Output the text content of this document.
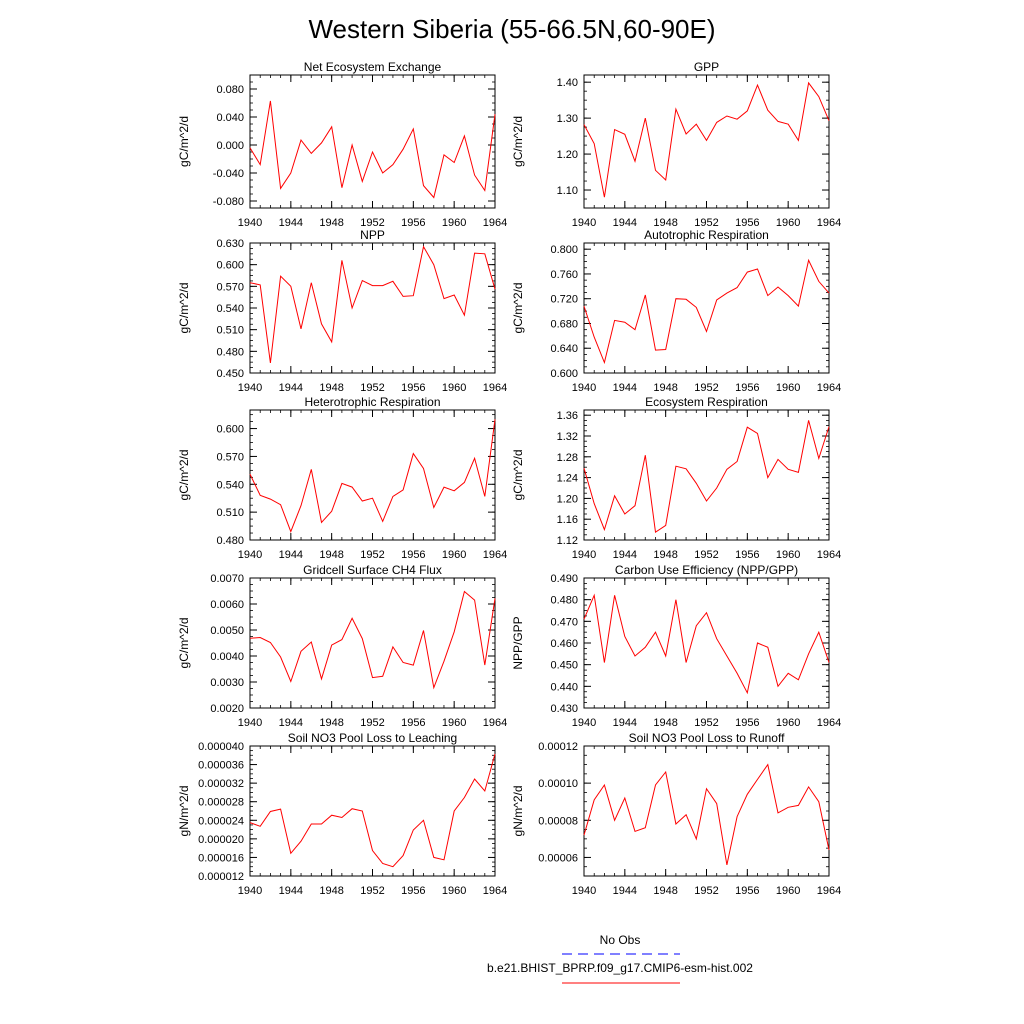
Western Siberia (55-66.5N,60-90E)
Net Ecosystem Exchange
gC/m^2/d
1940 1944 1948 1952 1956 1960 1964
-0.080
-0.040
0.000
0.040
0.080
GPP
gC/m^2/d
1940 1944 1948 1952 1956 1960 1964
1.10
1.20
1.30
1.40
NPP
gC/m^2/d
1940 1944 1948 1952 1956 1960 1964
0.450
0.480
0.510
0.540
0.570
0.600
0.630
Autotrophic Respiration
gC/m^2/d
1940 1944 1948 1952 1956 1960 1964
0.600
0.640
0.680
0.720
0.760
0.800
Heterotrophic Respiration
gC/m^2/d
1940 1944 1948 1952 1956 1960 1964
0.480
0.510
0.540
0.570
0.600
Ecosystem Respiration
gC/m^2/d
1940 1944 1948 1952 1956 1960 1964
1.12
1.16
1.20
1.24
1.28
1.32
1.36
Gridcell Surface CH4 Flux
gC/m^2/d
1940 1944 1948 1952 1956 1960 1964
0.0020
0.0030
0.0040
0.0050
0.0060
0.0070
Carbon Use Efficiency (NPP/GPP)
NPP/GPP
1940 1944 1948 1952 1956 1960 1964
0.430
0.440
0.450
0.460
0.470
0.480
0.490
Soil NO3 Pool Loss to Leaching
gN/m^2/d
1940 1944 1948 1952 1956 1960 1964
0.000012
0.000016
0.000020
0.000024
0.000028
0.000032
0.000036
0.000040
Soil NO3 Pool Loss to Runoff
gN/m^2/d
1940 1944 1948 1952 1956 1960 1964
0.00006
0.00008
0.00010
0.00012
No Obs
b.e21.BHIST_BPRP.f09_g17.CMIP6-esm-hist.002
